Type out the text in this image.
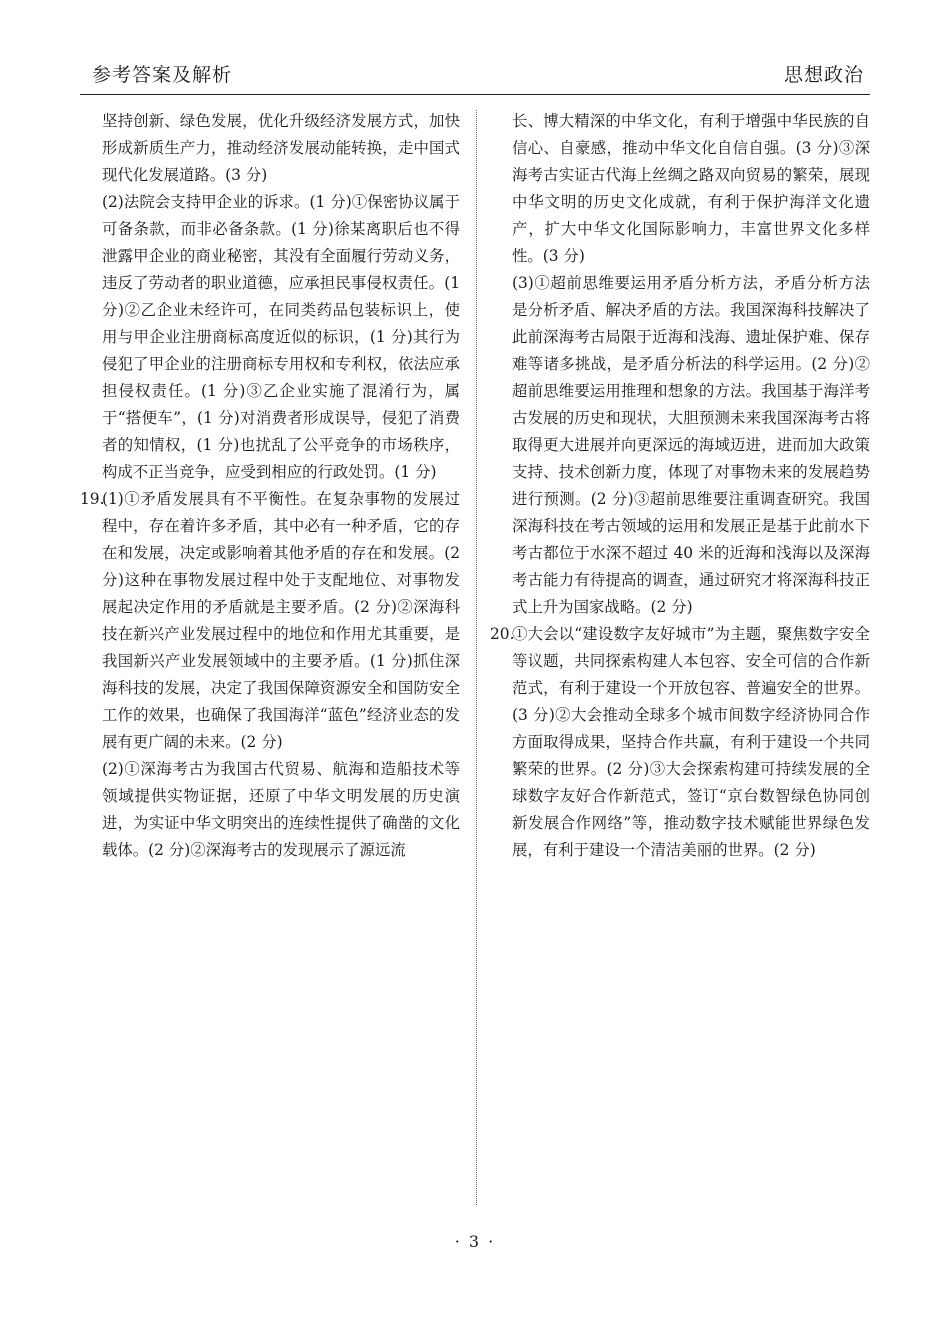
参考答案及解析	思想政治

坚持创新、绿色发展，优化升级经济发展方式，加快形成新质生产力，推动经济发展动能转换，走中国式现代化发展道路。(3 分)

(2)法院会支持甲企业的诉求。(1 分)①保密协议属于可备条款，而非必备条款。(1 分)徐某离职后也不得泄露甲企业的商业秘密，其没有全面履行劳动义务，违反了劳动者的职业道德，应承担民事侵权责任。(1 分)②乙企业未经许可，在同类药品包装标识上，使用与甲企业注册商标高度近似的标识，(1 分)其行为侵犯了甲企业的注册商标专用权和专利权，依法应承担侵权责任。(1 分)③乙企业实施了混淆行为，属于“搭便车”，(1 分)对消费者形成误导，侵犯了消费者的知情权，(1 分)也扰乱了公平竞争的市场秩序，构成不正当竞争，应受到相应的行政处罚。(1 分)

19.

(1)①矛盾发展具有不平衡性。在复杂事物的发展过程中，存在着许多矛盾，其中必有一种矛盾，它的存在和发展，决定或影响着其他矛盾的存在和发展。(2 分)这种在事物发展过程中处于支配地位、对事物发展起决定作用的矛盾就是主要矛盾。(2 分)②深海科技在新兴产业发展过程中的地位和作用尤其重要，是我国新兴产业发展领域中的主要矛盾。(1 分)抓住深海科技的发展，决定了我国保障资源安全和国防安全工作的效果，也确保了我国海洋“蓝色”经济业态的发展有更广阔的未来。(2 分)

(2)①深海考古为我国古代贸易、航海和造船技术等领域提供实物证据，还原了中华文明发展的历史演进，为实证中华文明突出的连续性提供了确凿的文化载体。(2 分)②深海考古的发现展示了源远流

长、博大精深的中华文化，有利于增强中华民族的自信心、自豪感，推动中华文化自信自强。(3 分)③深海考古实证古代海上丝绸之路双向贸易的繁荣，展现中华文明的历史文化成就，有利于保护海洋文化遗产，扩大中华文化国际影响力，丰富世界文化多样性。(3 分)

(3)①超前思维要运用矛盾分析方法，矛盾分析方法是分析矛盾、解决矛盾的方法。我国深海科技解决了此前深海考古局限于近海和浅海、遗址保护难、保存难等诸多挑战，是矛盾分析法的科学运用。(2 分)②超前思维要运用推理和想象的方法。我国基于海洋考古发展的历史和现状，大胆预测未来我国深海考古将取得更大进展并向更深远的海域迈进，进而加大政策支持、技术创新力度，体现了对事物未来的发展趋势进行预测。(2 分)③超前思维要注重调查研究。我国深海科技在考古领域的运用和发展正是基于此前水下考古都位于水深不超过 40 米的近海和浅海以及深海考古能力有待提高的调查，通过研究才将深海科技正式上升为国家战略。(2 分)

20.

①大会以“建设数字友好城市”为主题，聚焦数字安全等议题，共同探索构建人本包容、安全可信的合作新范式，有利于建设一个开放包容、普遍安全的世界。(3 分)②大会推动全球多个城市间数字经济协同合作方面取得成果，坚持合作共赢，有利于建设一个共同繁荣的世界。(2 分)③大会探索构建可持续发展的全球数字友好合作新范式，签订“京台数智绿色协同创新发展合作网络”等，推动数字技术赋能世界绿色发展，有利于建设一个清洁美丽的世界。(2 分)

· 3 ·
